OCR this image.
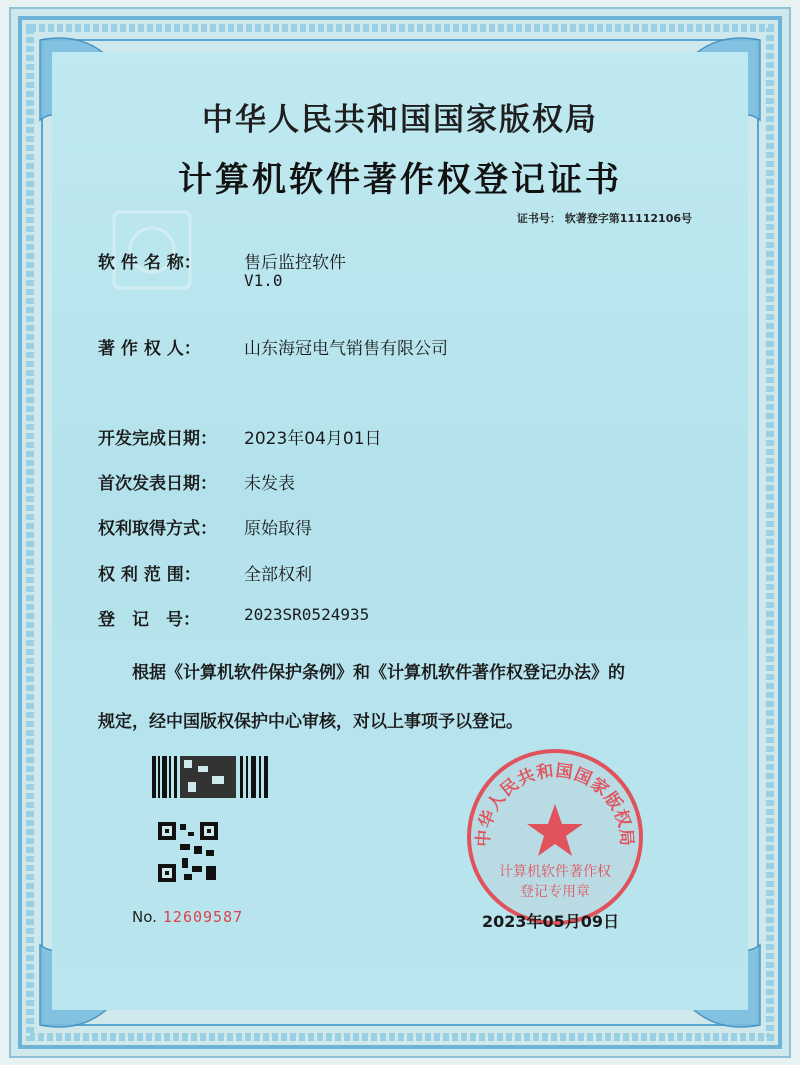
中华人民共和国国家版权局
计算机软件著作权登记证书
证书号： 软著登字第11112106号
软 件 名 称：	售后监控软件
V1.0
著 作 权 人：	山东海冠电气销售有限公司
开发完成日期： 2023年04月01日
首次发表日期： 未发表
权利取得方式： 原始取得
权 利 范 围：	全部权利
登　记　号：	2023SR0524935
根据《计算机软件保护条例》和《计算机软件著作权登记办法》的
规定，经中国版权保护中心审核，对以上事项予以登记。
No. 12609587
中华人民共和国国家版权局
计算机软件著作权
登记专用章
2023年05月09日
